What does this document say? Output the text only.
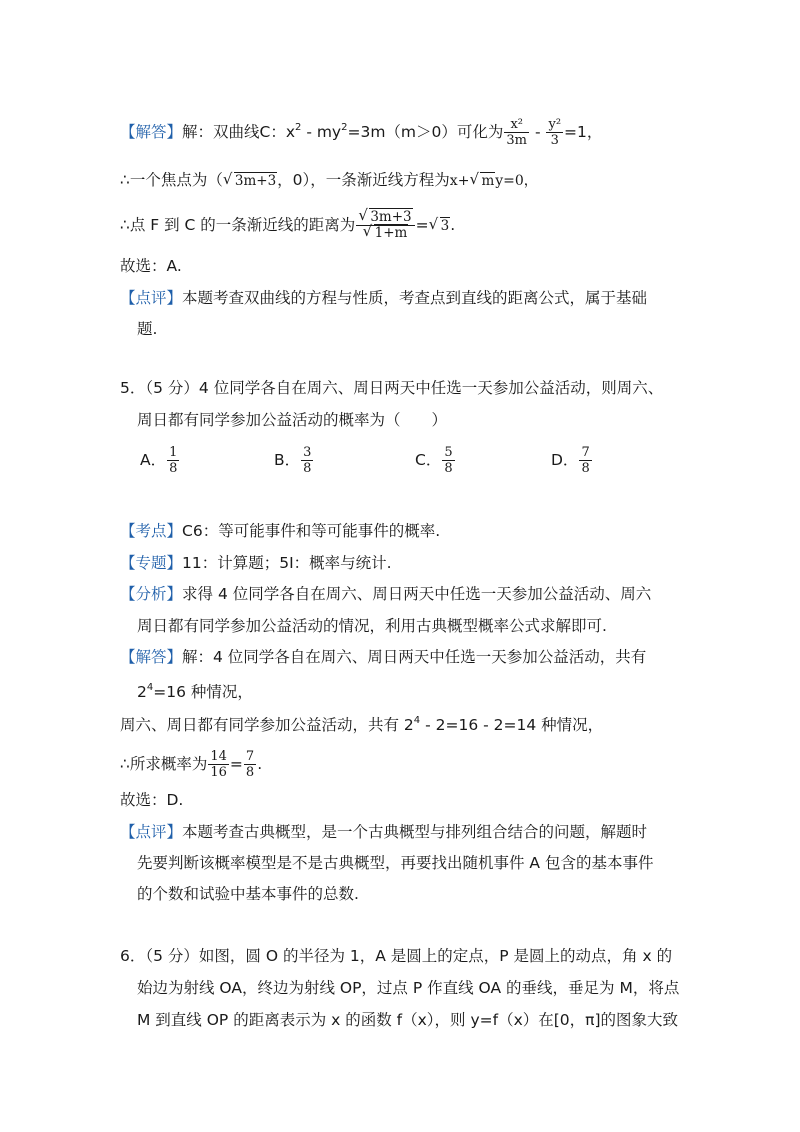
【解答】解：双曲线C：$x^2 - my^2=3m(m>0)$可化为 $\frac{\text{x²}}{3m} - \frac{\text{y²}}{3} =1$，
∴一个焦点为（ √ 3m+3，0），一条渐近线方程为x+ √ my=0，
∴点 F 到 C 的一条渐近线的距离为 √ 3m+3
√ 1+m = √ 3.
故选：A.
【点评】本题考查双曲线的方程与性质，考查点到直线的距离公式，属于基础
题.
5．（5 分）4 位同学各自在周六、周日两天中任选一天参加公益活动，则周六、
周日都有同学参加公益活动的概率为（　　）
A． $\frac{1}{8}$	B． $\frac{3}{8}$	C． $\frac{5}{8}$	D． $\frac{7}{8}$
【考点】C6：等可能事件和等可能事件的概率.
【专题】11：计算题；5I：概率与统计.
【分析】求得 4 位同学各自在周六、周日两天中任选一天参加公益活动、周六
周日都有同学参加公益活动的情况，利用古典概型概率公式求解即可.
【解答】解：4 位同学各自在周六、周日两天中任选一天参加公益活动，共有
$2^4=16$ 种情况，
周六、周日都有同学参加公益活动，共有 $2^4 - 2=16 - 2=14$ 种情况，
∴所求概率为 $\frac{14}{16} = \frac{7}{8}$ .
故选：D.
【点评】本题考查古典概型，是一个古典概型与排列组合结合的问题，解题时
先要判断该概率模型是不是古典概型，再要找出随机事件 A 包含的基本事件
的个数和试验中基本事件的总数.
6．（5 分）如图，圆 O 的半径为 1，A 是圆上的定点，P 是圆上的动点，角 x 的
始边为射线 OA，终边为射线 OP，过点 P 作直线 OA 的垂线，垂足为 M，将点
M 到直线 OP 的距离表示为 x 的函数 f（x），则 y=f（x）在[0，π]的图象大致
